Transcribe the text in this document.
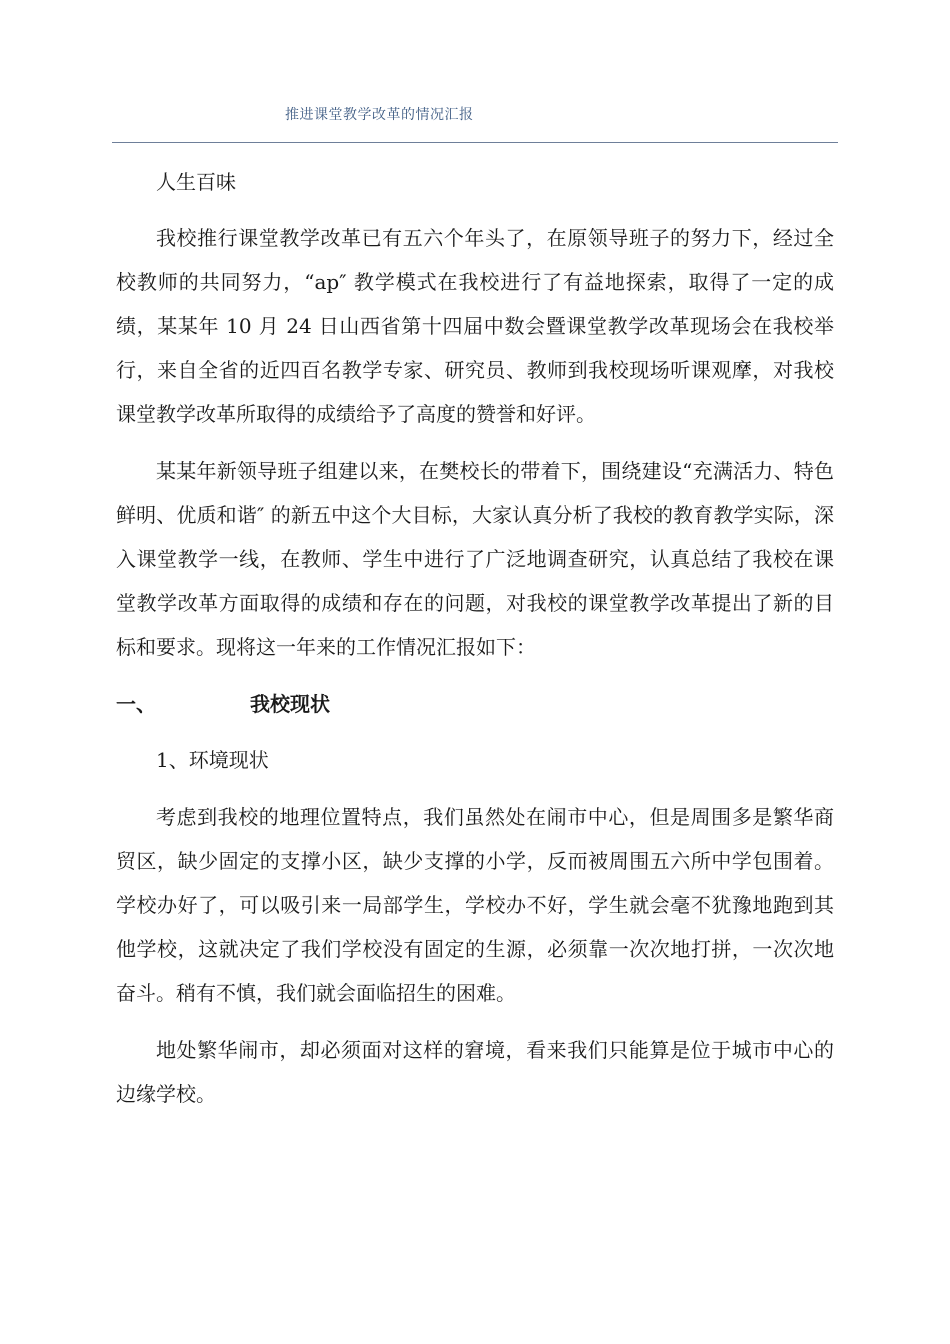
推进课堂教学改革的情况汇报

人生百味

我校推行课堂教学改革已有五六个年头了，在原领导班子的努力下，经过全校教师的共同努力，“ap″ 教学模式在我校进行了有益地探索，取得了一定的成绩，某某年 10 月 24 日山西省第十四届中数会暨课堂教学改革现场会在我校举行，来自全省的近四百名教学专家、研究员、教师到我校现场听课观摩，对我校课堂教学改革所取得的成绩给予了高度的赞誉和好评。

某某年新领导班子组建以来，在樊校长的带着下，围绕建设“充满活力、特色鲜明、优质和谐″ 的新五中这个大目标，大家认真分析了我校的教育教学实际，深入课堂教学一线，在教师、学生中进行了广泛地调查研究，认真总结了我校在课堂教学改革方面取得的成绩和存在的问题，对我校的课堂教学改革提出了新的目标和要求。现将这一年来的工作情况汇报如下：

一、	我校现状

1、环境现状

考虑到我校的地理位置特点，我们虽然处在闹市中心，但是周围多是繁华商贸区，缺少固定的支撑小区，缺少支撑的小学，反而被周围五六所中学包围着。学校办好了，可以吸引来一局部学生，学校办不好，学生就会毫不犹豫地跑到其他学校，这就决定了我们学校没有固定的生源，必须靠一次次地打拼，一次次地奋斗。稍有不慎，我们就会面临招生的困难。

地处繁华闹市，却必须面对这样的窘境，看来我们只能算是位于城市中心的边缘学校。
